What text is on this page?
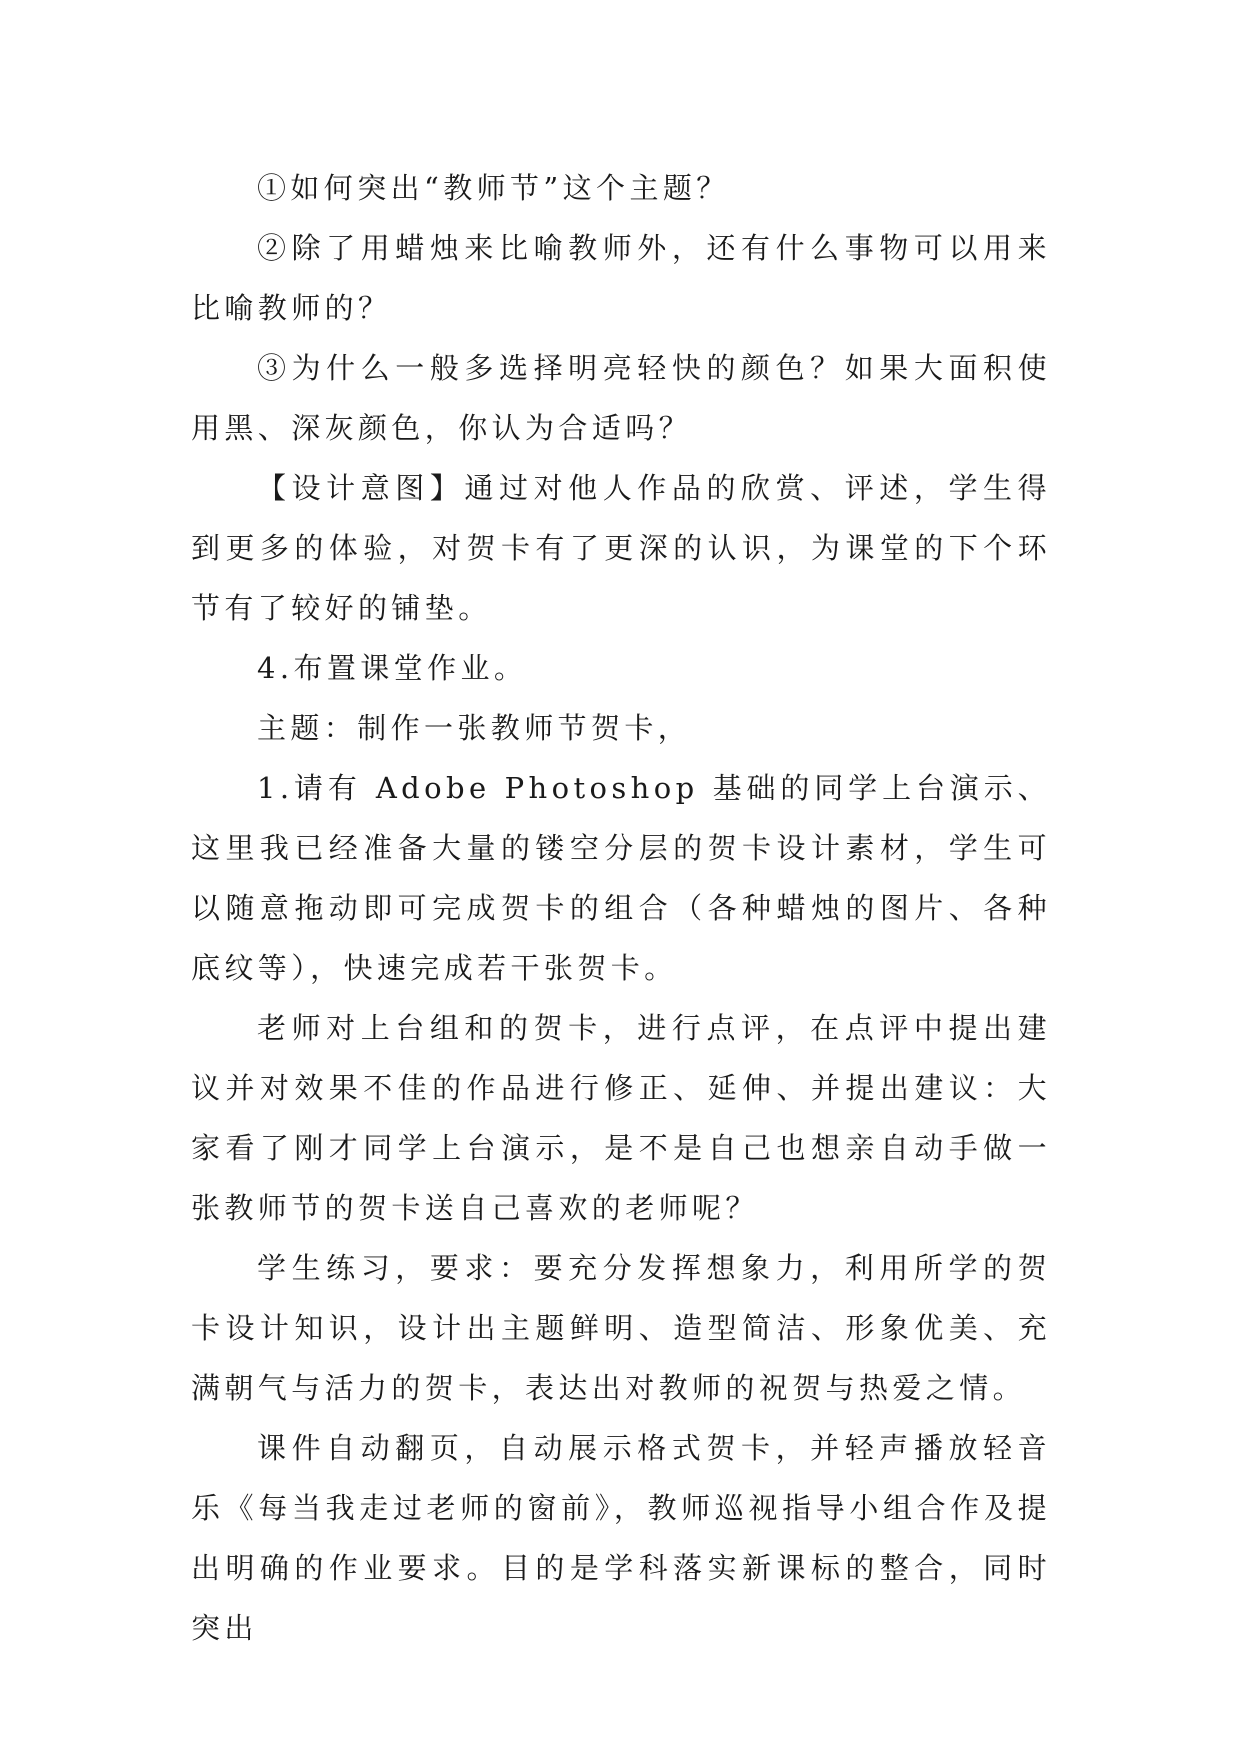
①如何突出“教师节”这个主题？

②除了用蜡烛来比喻教师外，还有什么事物可以用来比喻教师的？

③为什么一般多选择明亮轻快的颜色？如果大面积使用黑、深灰颜色，你认为合适吗？

【设计意图】通过对他人作品的欣赏、评述，学生得到更多的体验，对贺卡有了更深的认识，为课堂的下个环节有了较好的铺垫。

4.布置课堂作业。

主题：制作一张教师节贺卡，

1.请有 Adobe Photoshop 基础的同学上台演示、这里我已经准备大量的镂空分层的贺卡设计素材，学生可以随意拖动即可完成贺卡的组合（各种蜡烛的图片、各种底纹等），快速完成若干张贺卡。

老师对上台组和的贺卡，进行点评，在点评中提出建议并对效果不佳的作品进行修正、延伸、并提出建议：大家看了刚才同学上台演示，是不是自己也想亲自动手做一张教师节的贺卡送自己喜欢的老师呢？

学生练习，要求：要充分发挥想象力，利用所学的贺卡设计知识，设计出主题鲜明、造型简洁、形象优美、充满朝气与活力的贺卡，表达出对教师的祝贺与热爱之情。

课件自动翻页，自动展示格式贺卡，并轻声播放轻音乐《每当我走过老师的窗前》，教师巡视指导小组合作及提出明确的作业要求。目的是学科落实新课标的整合，同时突出
